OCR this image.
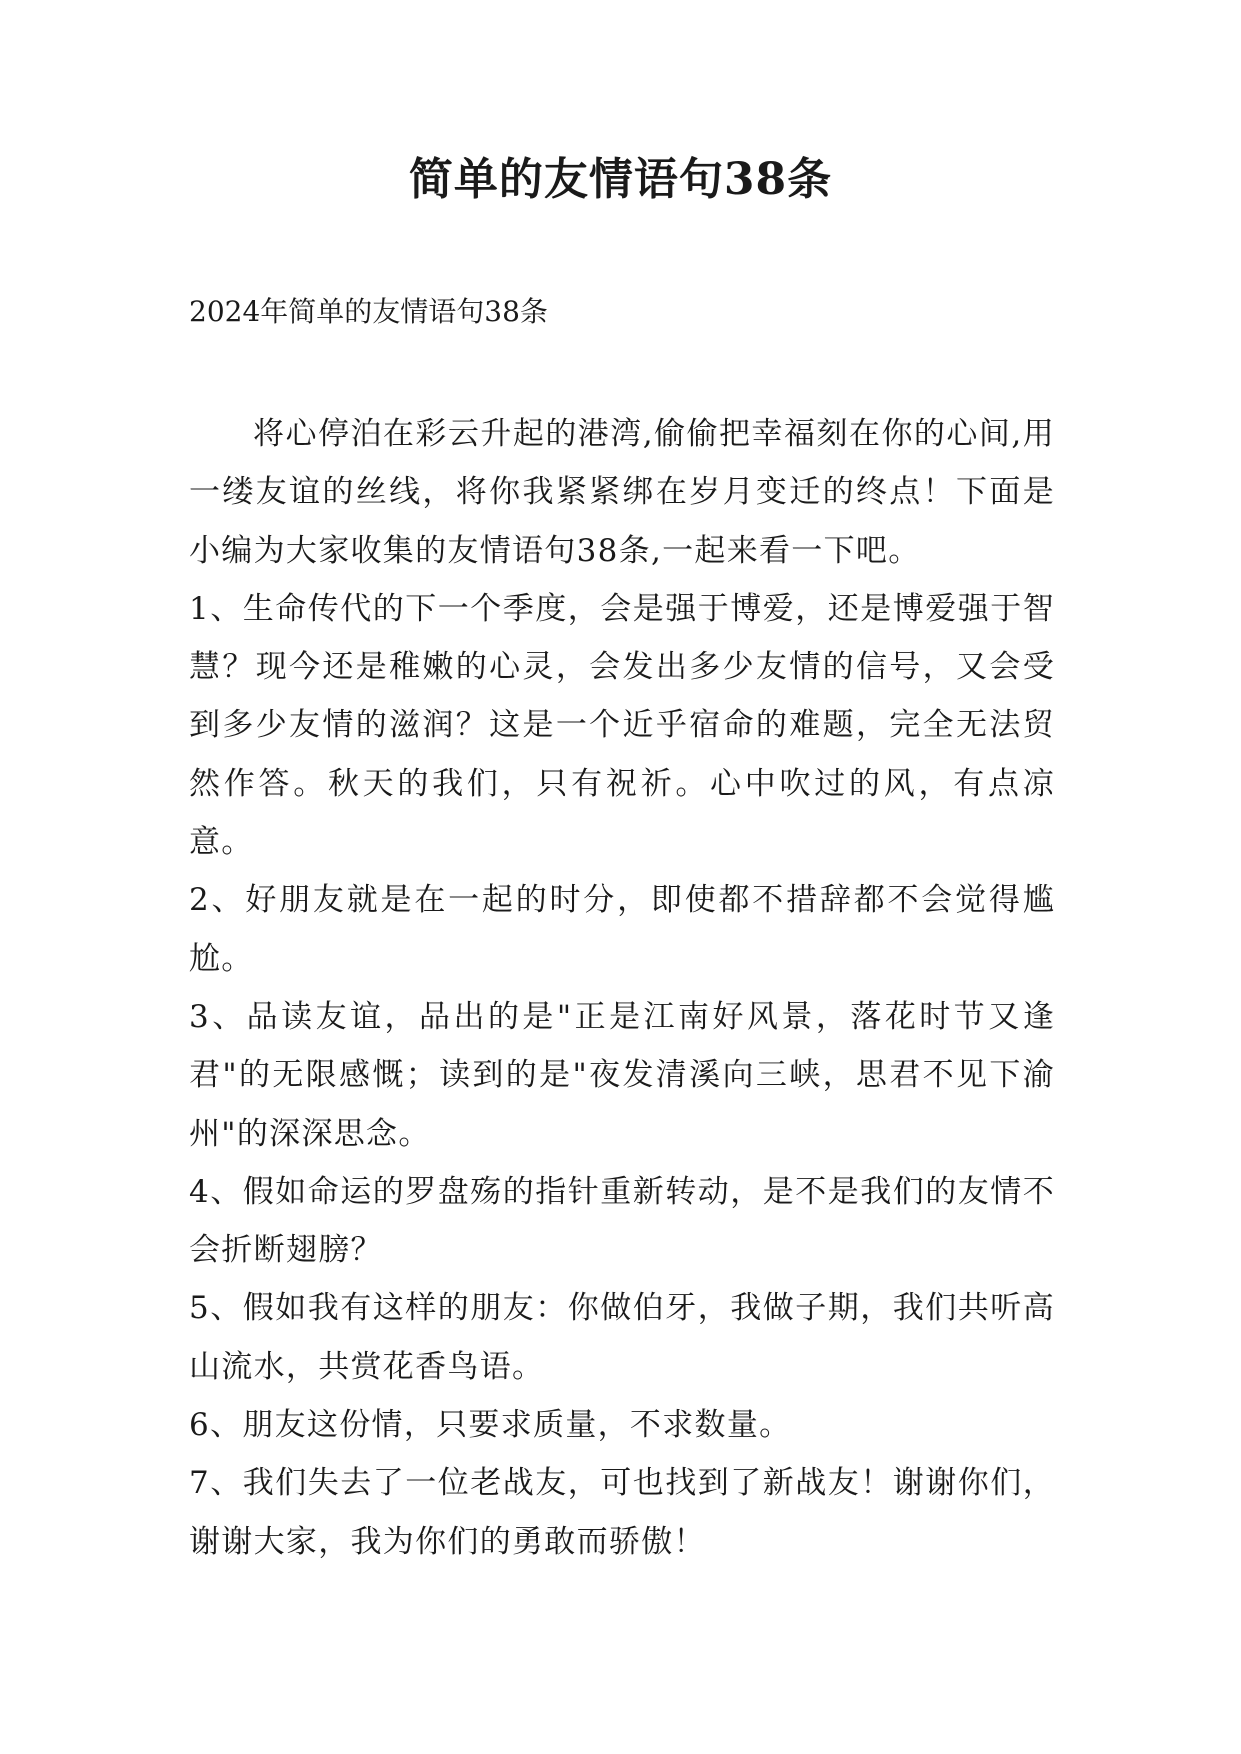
简单的友情语句38条
2024年简单的友情语句38条

将心停泊在彩云升起的港湾,偷偷把幸福刻在你的心间,用一缕友谊的丝线，将你我紧紧绑在岁月变迁的终点！下面是小编为大家收集的友情语句38条,一起来看一下吧。

1、生命传代的下一个季度，会是强于博爱，还是博爱强于智慧？现今还是稚嫩的心灵，会发出多少友情的信号，又会受到多少友情的滋润？这是一个近乎宿命的难题，完全无法贸然作答。秋天的我们，只有祝祈。心中吹过的风，有点凉意。

2、好朋友就是在一起的时分，即使都不措辞都不会觉得尴尬。

3、品读友谊，品出的是"正是江南好风景，落花时节又逢君"的无限感慨；读到的是"夜发清溪向三峡，思君不见下渝州"的深深思念。

4、假如命运的罗盘殇的指针重新转动，是不是我们的友情不会折断翅膀？

5、假如我有这样的朋友：你做伯牙，我做子期，我们共听高山流水，共赏花香鸟语。

6、朋友这份情，只要求质量，不求数量。

7、我们失去了一位老战友，可也找到了新战友！谢谢你们，谢谢大家，我为你们的勇敢而骄傲！
